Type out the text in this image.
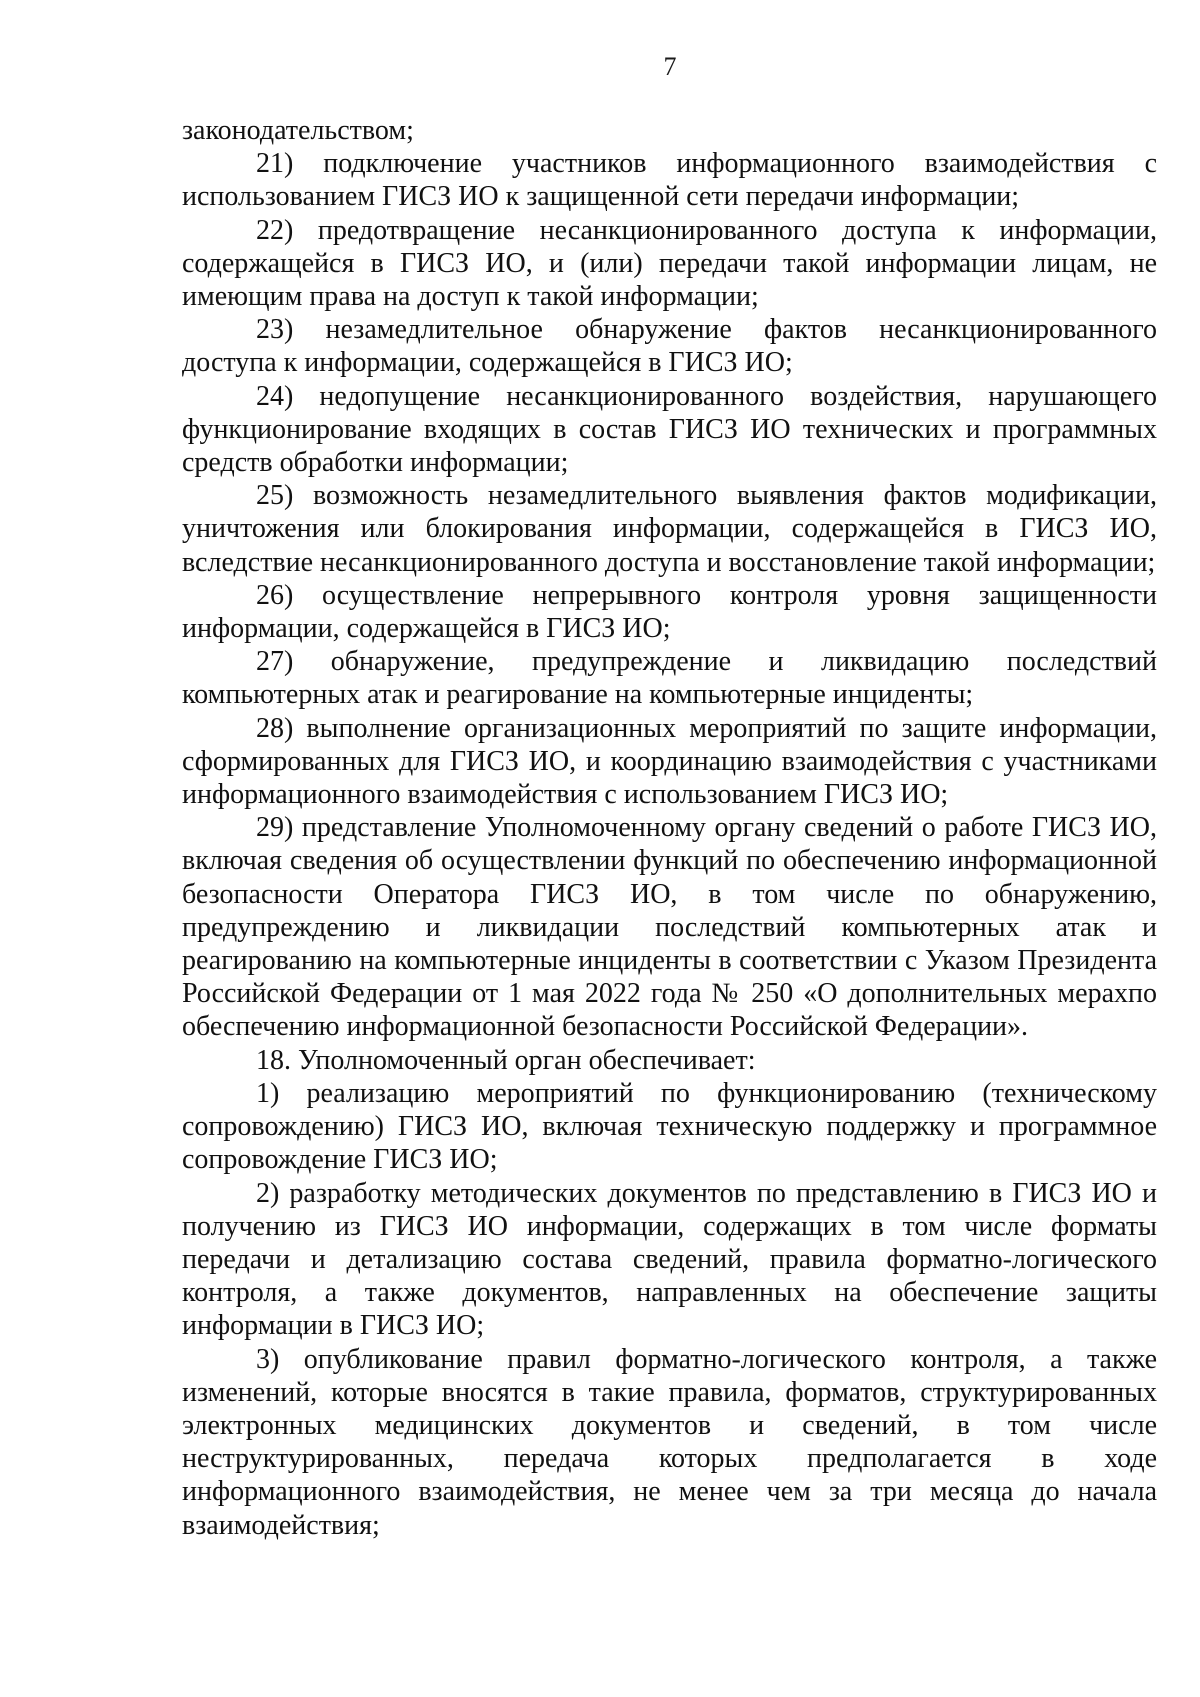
7

законодательством;

21) подключение участников информационного взаимодействия с использованием ГИСЗ ИО к защищенной сети передачи информации;

22) предотвращение несанкционированного доступа к информации, содержащейся в ГИСЗ ИО, и (или) передачи такой информации лицам, не имеющим права на доступ к такой информации;

23) незамедлительное обнаружение фактов несанкционированного доступа к информации, содержащейся в ГИСЗ ИО;

24) недопущение несанкционированного воздействия, нарушающего функционирование входящих в состав ГИСЗ ИО технических и программных средств обработки информации;

25) возможность незамедлительного выявления фактов модификации, уничтожения или блокирования информации, содержащейся в ГИСЗ ИО, вследствие несанкционированного доступа и восстановление такой информации;

26) осуществление непрерывного контроля уровня защищенности информации, содержащейся в ГИСЗ ИО;

27) обнаружение, предупреждение и ликвидацию последствий компьютерных атак и реагирование на компьютерные инциденты;

28) выполнение организационных мероприятий по защите информации, сформированных для ГИСЗ ИО, и координацию взаимодействия с участниками информационного взаимодействия с использованием ГИСЗ ИО;

29) представление Уполномоченному органу сведений о работе ГИСЗ ИО, включая сведения об осуществлении функций по обеспечению информационной безопасности Оператора ГИСЗ ИО, в том числе по обнаружению, предупреждению и ликвидации последствий компьютерных атак и реагированию на компьютерные инциденты в соответствии с Указом Президента Российской Федерации от 1 мая 2022 года № 250 «О дополнительных мерахпо обеспечению информационной безопасности Российской Федерации».

18. Уполномоченный орган обеспечивает:

1) реализацию мероприятий по функционированию (техническому сопровождению) ГИСЗ ИО, включая техническую поддержку и программное сопровождение ГИСЗ ИО;

2) разработку методических документов по представлению в ГИСЗ ИО и получению из ГИСЗ ИО информации, содержащих в том числе форматы передачи и детализацию состава сведений, правила форматно-логического контроля, а также документов, направленных на обеспечение защиты информации в ГИСЗ ИО;

3) опубликование правил форматно-логического контроля, а также изменений, которые вносятся в такие правила, форматов, структурированных электронных медицинских документов и сведений, в том числе неструктурированных, передача которых предполагается в ходе информационного взаимодействия, не менее чем за три месяца до начала взаимодействия;
